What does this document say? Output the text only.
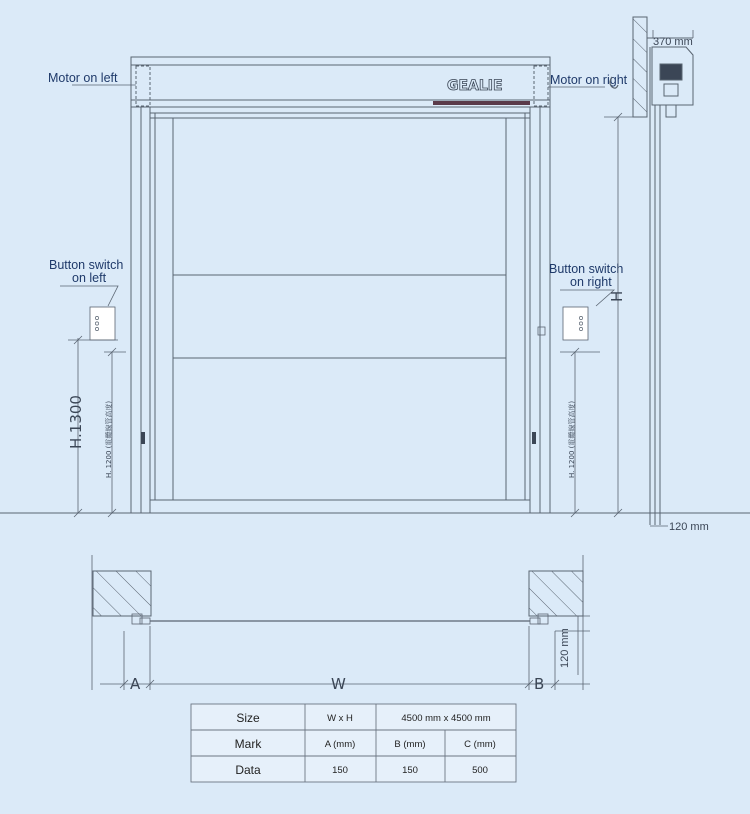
GEALIE
Motor on left	Motor on right
Button switch
on left
Button switch
on right
H.1300	H. 1200 (電纜線管高度)	H. 1200 (電纜線管高度)
370 mm
H
120 mm
A	W	B
120 mm
Size	W x H	4500 mm x 4500 mm
Mark	A (mm)	B (mm)	C (mm)
Data	150	150	500
